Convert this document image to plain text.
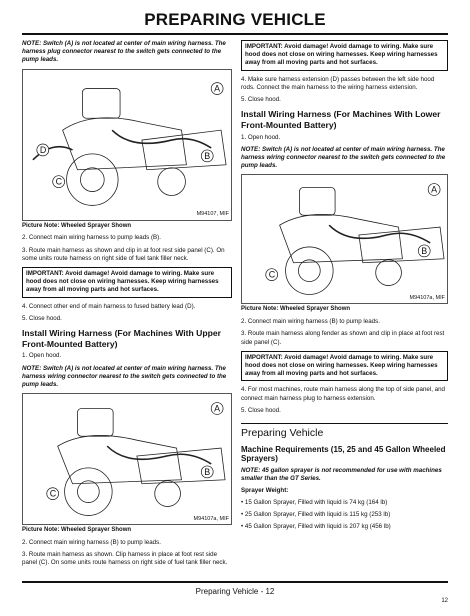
PREPARING VEHICLE

NOTE: Switch (A) is not located at center of main wiring harness. The harness plug connector nearest to the switch gets connected to the pump leads.

A
B
D
C
M94107, MIF

Picture Note: Wheeled Sprayer Shown

2. Connect main wiring harness to pump leads (B).

3. Route main harness as shown and clip in at foot rest side panel (C). On some units route harness on right side of fuel tank filler neck.

IMPORTANT: Avoid damage! Avoid damage to wiring. Make sure hood does not close on wiring harnesses. Keep wiring harnesses away from all moving parts and hot surfaces.

4. Connect other end of main harness to fused battery lead (D).

5. Close hood.

Install Wiring Harness (For Machines With Upper Front-Mounted Battery)

1. Open hood.

NOTE: Switch (A) is not located at center of main wiring harness. The harness wiring connector nearest to the switch gets connected to the pump leads.

A
B
C
M94107a, MIF

Picture Note: Wheeled Sprayer Shown

2. Connect main wiring harness (B) to pump leads.

3. Route main harness as shown. Clip harness in place at foot rest side panel (C). On some units route harness on right side of fuel tank filler neck.

IMPORTANT: Avoid damage! Avoid damage to wiring. Make sure hood does not close on wiring harnesses. Keep wiring harnesses away from all moving parts and hot surfaces.

4. Make sure harness extension (D) passes between the left side hood rods. Connect the main harness to the wiring harness extension.

5. Close hood.

Install Wiring Harness (For Machines With Lower Front-Mounted Battery)

1. Open hood.

NOTE: Switch (A) is not located at center of main wiring harness. The harness wiring connector nearest to the switch gets connected to the pump leads.

A
B
C
M94107a, MIF

Picture Note: Wheeled Sprayer Shown

2. Connect main wiring harness (B) to pump leads.

3. Route main harness along fender as shown and clip in place at foot rest side panel (C).

IMPORTANT: Avoid damage! Avoid damage to wiring. Make sure hood does not close on wiring harnesses. Keep wiring harnesses away from all moving parts and hot surfaces.

4. For most machines, route main harness along the top of side panel, and connect main harness plug to harness extension.

5. Close hood.

Preparing Vehicle
Machine Requirements (15, 25 and 45 Gallon Wheeled Sprayers)

NOTE: 45 gallon sprayer is not recommended for use with machines smaller than the GT Series.

Sprayer Weight:

• 15 Gallon Sprayer, Filled with liquid is 74 kg (164 lb)
• 25 Gallon Sprayer, Filled with liquid is 115 kg (253 lb)
• 45 Gallon Sprayer, Filled with liquid is 207 kg (456 lb)
Preparing Vehicle - 12
12
